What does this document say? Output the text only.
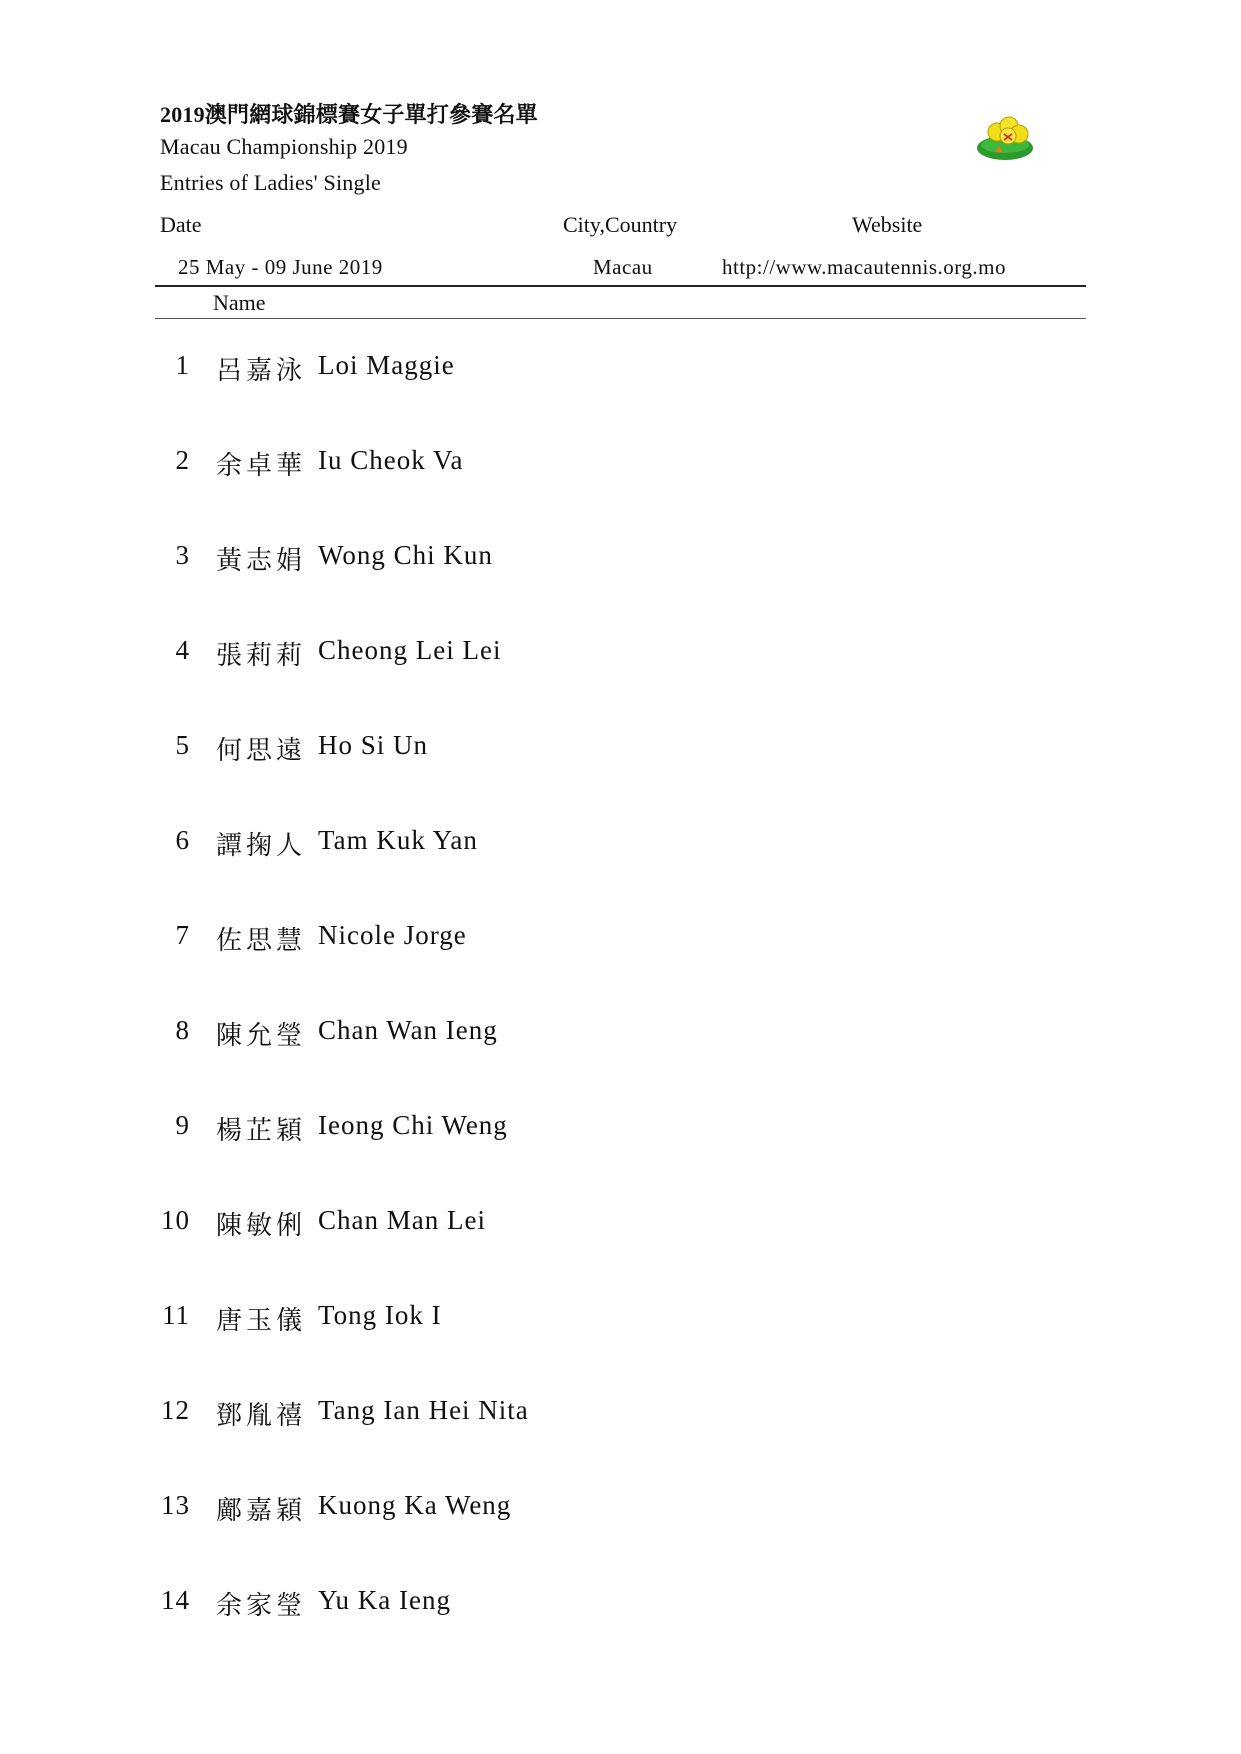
2019澳門網球錦標賽女子單打參賽名單
Macau Championship 2019
Entries of Ladies' Single
Date	City,Country	Website
25 May - 09 June 2019	Macau	http://www.macautennis.org.mo
Name
1 呂嘉泳 Loi Maggie
2 余卓華 Iu Cheok Va
3 黃志娟 Wong Chi Kun
4 張莉莉 Cheong Lei Lei
5 何思遠 Ho Si Un
6 譚掬人 Tam Kuk Yan
7 佐思慧 Nicole Jorge
8 陳允瑩 Chan Wan Ieng
9 楊芷穎 Ieong Chi Weng
10 陳敏俐 Chan Man Lei
11 唐玉儀 Tong Iok I
12 鄧胤禧 Tang Ian Hei Nita
13 鄺嘉穎 Kuong Ka Weng
14 余家瑩 Yu Ka Ieng
